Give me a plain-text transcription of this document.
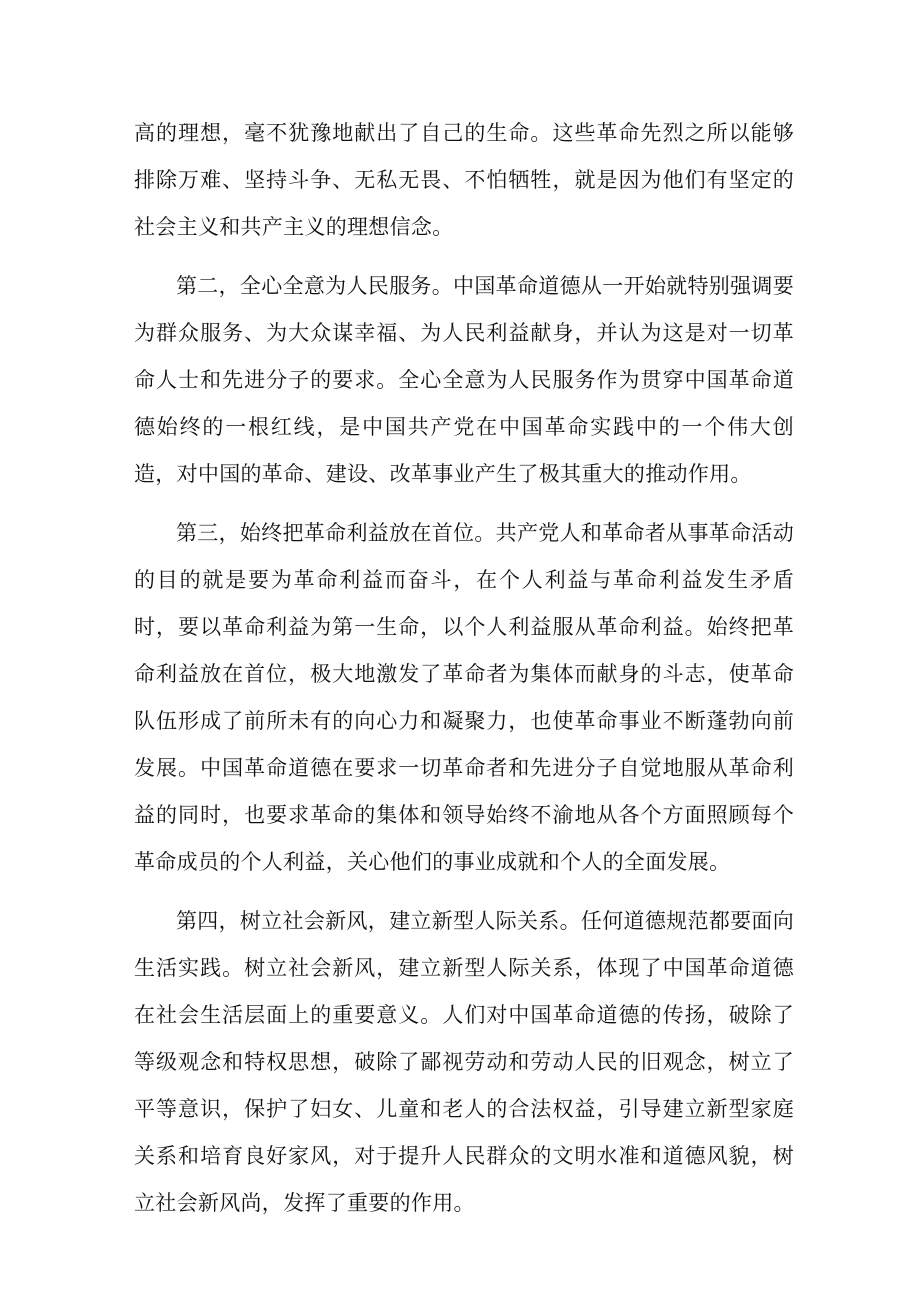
高的理想，毫不犹豫地献出了自己的生命。这些革命先烈之所以能够排除万难、坚持斗争、无私无畏、不怕牺牲，就是因为他们有坚定的社会主义和共产主义的理想信念。

第二，全心全意为人民服务。中国革命道德从一开始就特别强调要为群众服务、为大众谋幸福、为人民利益献身，并认为这是对一切革命人士和先进分子的要求。全心全意为人民服务作为贯穿中国革命道德始终的一根红线，是中国共产党在中国革命实践中的一个伟大创造，对中国的革命、建设、改革事业产生了极其重大的推动作用。

第三，始终把革命利益放在首位。共产党人和革命者从事革命活动的目的就是要为革命利益而奋斗，在个人利益与革命利益发生矛盾时，要以革命利益为第一生命，以个人利益服从革命利益。始终把革命利益放在首位，极大地激发了革命者为集体而献身的斗志，使革命队伍形成了前所未有的向心力和凝聚力，也使革命事业不断蓬勃向前发展。中国革命道德在要求一切革命者和先进分子自觉地服从革命利益的同时，也要求革命的集体和领导始终不渝地从各个方面照顾每个革命成员的个人利益，关心他们的事业成就和个人的全面发展。

第四，树立社会新风，建立新型人际关系。任何道德规范都要面向生活实践。树立社会新风，建立新型人际关系，体现了中国革命道德在社会生活层面上的重要意义。人们对中国革命道德的传扬，破除了等级观念和特权思想，破除了鄙视劳动和劳动人民的旧观念，树立了平等意识，保护了妇女、儿童和老人的合法权益，引导建立新型家庭关系和培育良好家风，对于提升人民群众的文明水准和道德风貌，树立社会新风尚，发挥了重要的作用。
